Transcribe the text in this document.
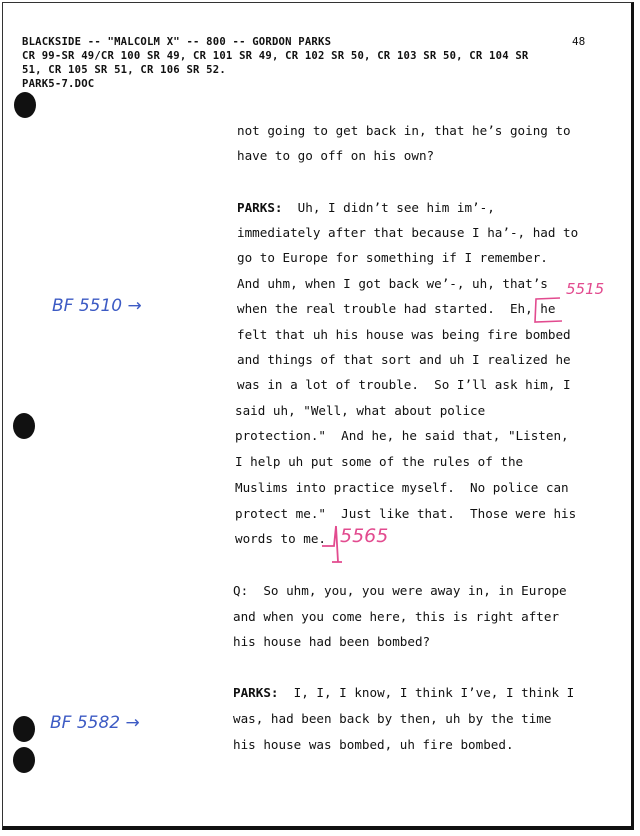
BLACKSIDE -- "MALCOLM X" -- 800 -- GORDON PARKS	48
CR 99-SR 49/CR 100 SR 49, CR 101 SR 49, CR 102 SR 50, CR 103 SR 50, CR 104 SR
51, CR 105 SR 51, CR 106 SR 52.
PARK5-7.DOC
not going to get back in, that he’s going to
have to go off on his own?
PARKS:  Uh, I didn’t see him im’-,
immediately after that because I ha’-, had to
go to Europe for something if I remember.
And uhm, when I got back we’-, uh, that’s
when the real trouble had started.  Eh, he
felt that uh his house was being fire bombed
and things of that sort and uh I realized he
was in a lot of trouble.  So I’ll ask him, I
said uh, "Well, what about police
protection."  And he, he said that, "Listen,
I help uh put some of the rules of the
Muslims into practice myself.  No police can
protect me."  Just like that.  Those were his
words to me.
Q:  So uhm, you, you were away in, in Europe
and when you come here, this is right after
his house had been bombed?
PARKS:  I, I, I know, I think I’ve, I think I
was, had been back by then, uh by the time
his house was bombed, uh fire bombed.
BF 5510 →
5515
5565
BF 5582 →
